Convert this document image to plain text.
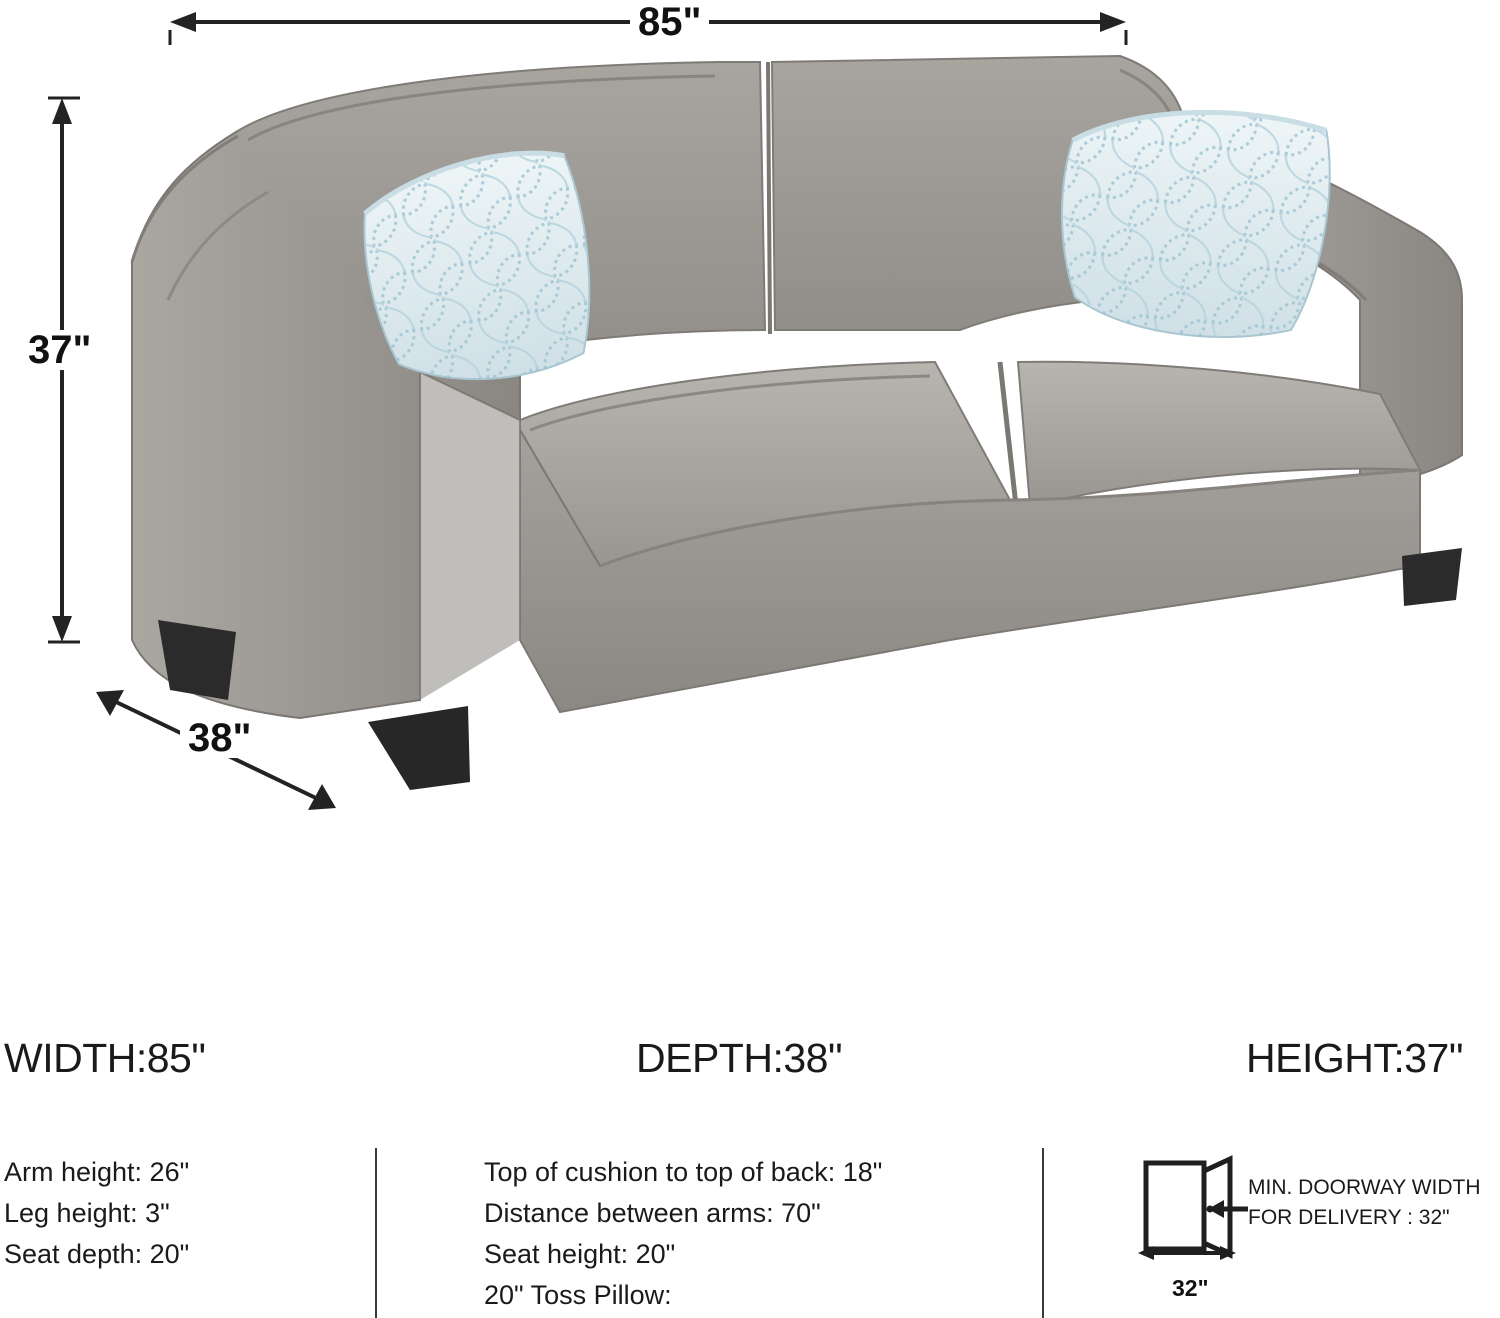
85"
37"
38"
WIDTH:85"
Arm height: 26"
Leg height: 3"
Seat depth: 20"
DEPTH:38"
Top of cushion to top of back: 18"
Distance between arms: 70"
Seat height: 20"
20" Toss Pillow:
HEIGHT:37"
MIN. DOORWAY WIDTH
FOR DELIVERY : 32"
32"
